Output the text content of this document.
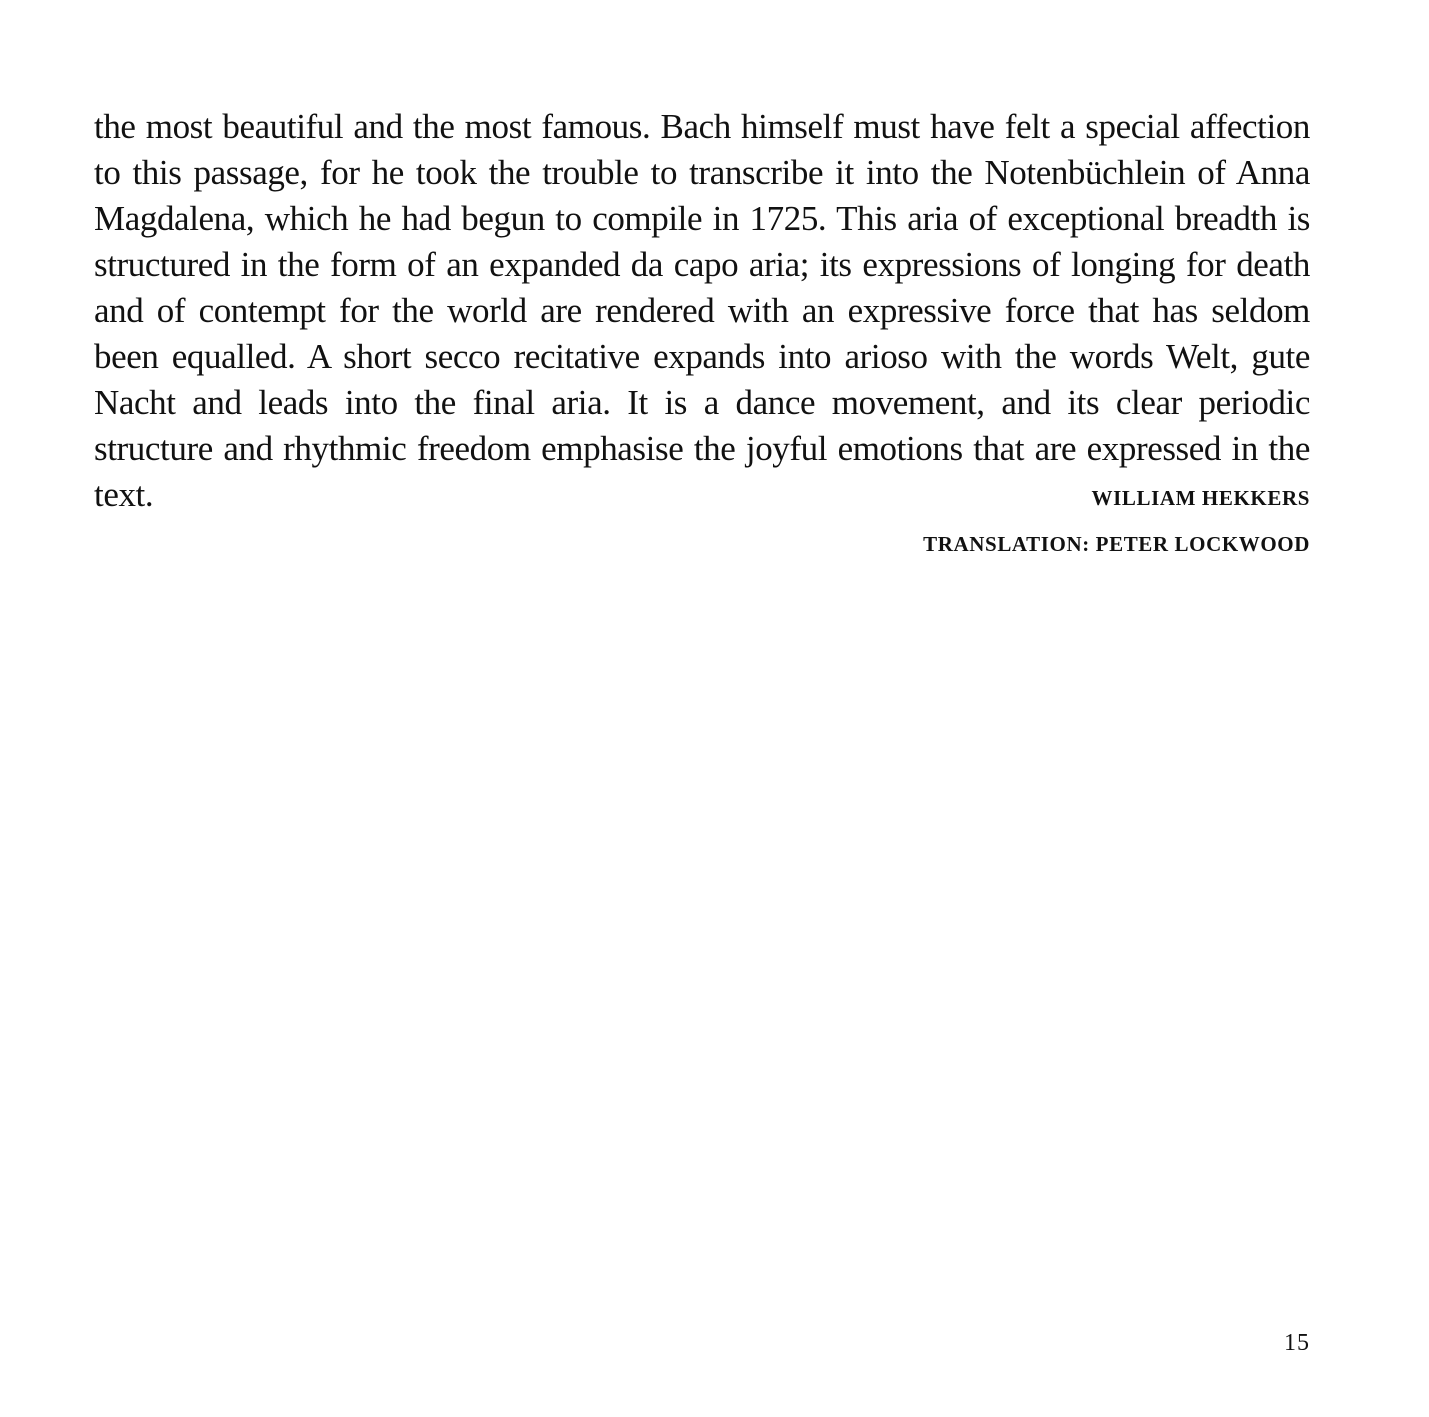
the most beautiful and the most famous. Bach himself must have felt a special affection to this passage, for he took the trouble to transcribe it into the Notenbüchlein of Anna Magdalena, which he had begun to compile in 1725. This aria of exceptional breadth is structured in the form of an expanded da capo aria; its expressions of longing for death and of contempt for the world are rendered with an expressive force that has seldom been equalled. A short secco recitative expands into arioso with the words Welt, gute Nacht and leads into the final aria. It is a dance movement, and its clear periodic structure and rhythmic freedom emphasise the joyful emotions that are expressed in the text.	WILLIAM HEKKERS
TRANSLATION: PETER LOCKWOOD
15
